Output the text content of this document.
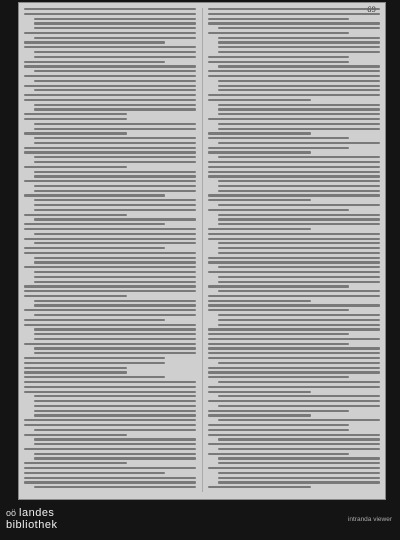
oö landes
bibliothek	intranda viewer
